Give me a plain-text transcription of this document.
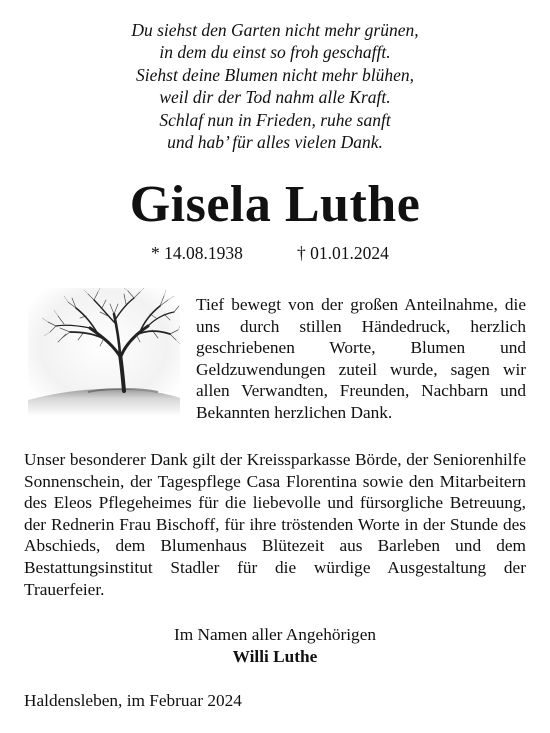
Du siehst den Garten nicht mehr grünen,
in dem du einst so froh geschafft.
Siehst deine Blumen nicht mehr blühen,
weil dir der Tod nahm alle Kraft.
Schlaf nun in Frieden, ruhe sanft
und hab’ für alles vielen Dank.
Gisela Luthe
* 14.08.1938	† 01.01.2024
Tief bewegt von der großen Anteilnahme, die uns durch stillen Händedruck, herzlich geschriebenen Worte, Blumen und Geldzuwendungen zuteil wurde, sagen wir allen Verwandten, Freunden, Nachbarn und Bekannten herzlichen Dank.
Unser besonderer Dank gilt der Kreissparkasse Börde, der Seniorenhilfe Sonnenschein, der Tagespflege Casa Florentina sowie den Mitarbeitern des Eleos Pflegeheimes für die liebevolle und fürsorgliche Betreuung, der Rednerin Frau Bischoff, für ihre tröstenden Worte in der Stunde des Abschieds, dem Blumenhaus Blütezeit aus Barleben und dem Bestattungsinstitut Stadler für die würdige Ausgestaltung der Trauerfeier.
Im Namen aller Angehörigen
Willi Luthe
Haldensleben, im Februar 2024
